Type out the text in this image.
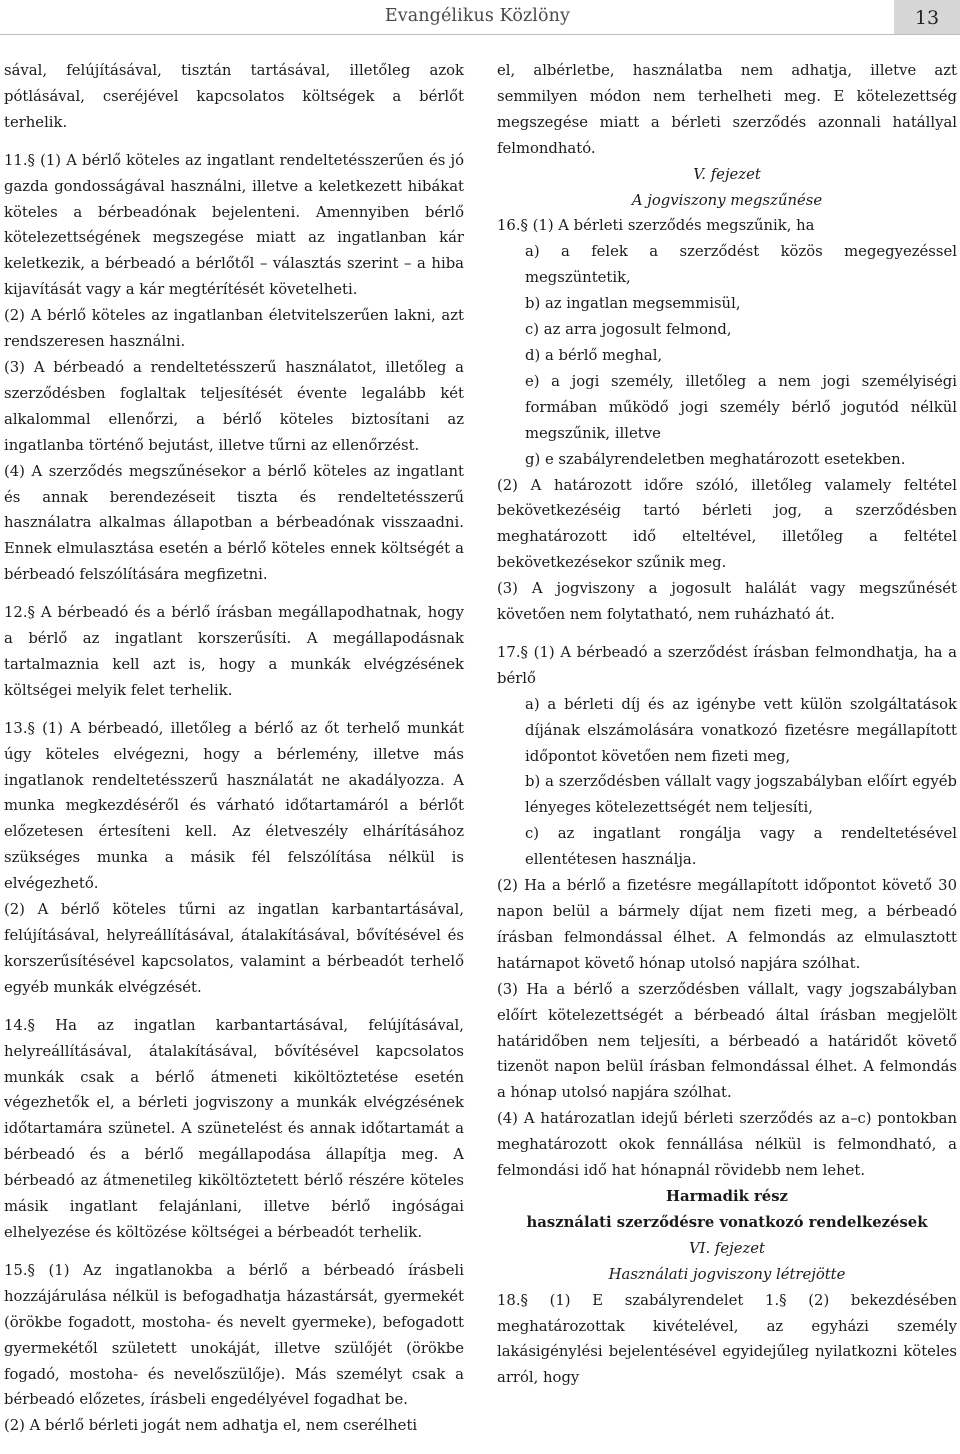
Evangélikus Közlöny	13

sával, felújításával, tisztán tartásával, illetőleg azok pótlásával, cseréjével kapcsolatos költségek a bérlőt terhelik.

11.§ (1) A bérlő köteles az ingatlant rendeltetésszerűen és jó gazda gondosságával használni, illetve a keletkezett hibákat köteles a bérbeadónak bejelenteni. Amennyiben bérlő kötelezettségének megszegése miatt az ingatlanban kár keletkezik, a bérbeadó a bérlőtől – választás szerint – a hiba kijavítását vagy a kár megtérítését követelheti.

(2) A bérlő köteles az ingatlanban életvitelszerűen lakni, azt rendszeresen használni.

(3) A bérbeadó a rendeltetésszerű használatot, illetőleg a szerződésben foglaltak teljesítését évente legalább két alkalommal ellenőrzi, a bérlő köteles biztosítani az ingatlanba történő bejutást, illetve tűrni az ellenőrzést.

(4) A szerződés megszűnésekor a bérlő köteles az ingatlant és annak berendezéseit tiszta és rendeltetésszerű használatra alkalmas állapotban a bérbeadónak visszaadni. Ennek elmulasztása esetén a bérlő köteles ennek költségét a bérbeadó felszólítására megfizetni.

12.§ A bérbeadó és a bérlő írásban megállapodhatnak, hogy a bérlő az ingatlant korszerűsíti. A megállapodásnak tartalmaznia kell azt is, hogy a munkák elvégzésének költségei melyik felet terhelik.

13.§ (1) A bérbeadó, illetőleg a bérlő az őt terhelő munkát úgy köteles elvégezni, hogy a bérlemény, illetve más ingatlanok rendeltetésszerű használatát ne akadályozza. A munka megkezdéséről és várható időtartamáról a bérlőt előzetesen értesíteni kell. Az életveszély elhárításához szükséges munka a másik fél felszólítása nélkül is elvégezhető.

(2) A bérlő köteles tűrni az ingatlan karbantartásával, felújításával, helyreállításával, átalakításával, bővítésével és korszerűsítésével kapcsolatos, valamint a bérbeadót terhelő egyéb munkák elvégzését.

14.§ Ha az ingatlan karbantartásával, felújításával, helyreállításával, átalakításával, bővítésével kapcsolatos munkák csak a bérlő átmeneti kiköltöztetése esetén végezhetők el, a bérleti jogviszony a munkák elvégzésének időtartamára szünetel. A szünetelést és annak időtartamát a bérbeadó és a bérlő megállapodása állapítja meg. A bérbeadó az átmenetileg kiköltöztetett bérlő részére köteles másik ingatlant felajánlani, illetve bérlő ingóságai elhelyezése és költözése költségei a bérbeadót terhelik.

15.§ (1) Az ingatlanokba a bérlő a bérbeadó írásbeli hozzájárulása nélkül is befogadhatja házastársát, gyermekét (örökbe fogadott, mostoha- és nevelt gyermeke), befogadott gyermekétől született unokáját, illetve szülőjét (örökbe fogadó, mostoha- és nevelőszülője). Más személyt csak a bérbeadó előzetes, írásbeli engedélyével fogadhat be.

(2) A bérlő bérleti jogát nem adhatja el, nem cserélheti

el, albérletbe, használatba nem adhatja, illetve azt semmilyen módon nem terhelheti meg. E kötelezettség megszegése miatt a bérleti szerződés azonnali hatállyal felmondható.

V. fejezet

A jogviszony megszűnése

16.§ (1) A bérleti szerződés megszűnik, ha

a) a felek a szerződést közös megegyezéssel megszüntetik,

b) az ingatlan megsemmisül,

c) az arra jogosult felmond,

d) a bérlő meghal,

e) a jogi személy, illetőleg a nem jogi személyiségi formában működő jogi személy bérlő jogutód nélkül megszűnik, illetve

g) e szabályrendeletben meghatározott esetekben.

(2) A határozott időre szóló, illetőleg valamely feltétel bekövetkezéséig tartó bérleti jog, a szerződésben meghatározott idő elteltével, illetőleg a feltétel bekövetkezésekor szűnik meg.

(3) A jogviszony a jogosult halálát vagy megszűnését követően nem folytatható, nem ruházható át.

17.§ (1) A bérbeadó a szerződést írásban felmondhatja, ha a bérlő

a) a bérleti díj és az igénybe vett külön szolgáltatások díjának elszámolására vonatkozó fizetésre megállapított időpontot követően nem fizeti meg,

b) a szerződésben vállalt vagy jogszabályban előírt egyéb lényeges kötelezettségét nem teljesíti,

c) az ingatlant rongálja vagy a rendeltetésével ellentétesen használja.

(2) Ha a bérlő a fizetésre megállapított időpontot követő 30 napon belül a bármely díjat nem fizeti meg, a bérbeadó írásban felmondással élhet. A felmondás az elmulasztott határnapot követő hónap utolsó napjára szólhat.

(3) Ha a bérlő a szerződésben vállalt, vagy jogszabályban előírt kötelezettségét a bérbeadó által írásban megjelölt határidőben nem teljesíti, a bérbeadó a határidőt követő tizenöt napon belül írásban felmondással élhet. A felmondás a hónap utolsó napjára szólhat.

(4) A határozatlan idejű bérleti szerződés az a–c) pontokban meghatározott okok fennállása nélkül is felmondható, a felmondási idő hat hónapnál rövidebb nem lehet.

Harmadik rész

használati szerződésre vonatkozó rendelkezések

VI. fejezet

Használati jogviszony létrejötte

18.§ (1) E szabályrendelet 1.§ (2) bekezdésében meghatározottak kivételével, az egyházi személy lakásigénylési bejelentésével egyidejűleg nyilatkozni köteles arról, hogy
